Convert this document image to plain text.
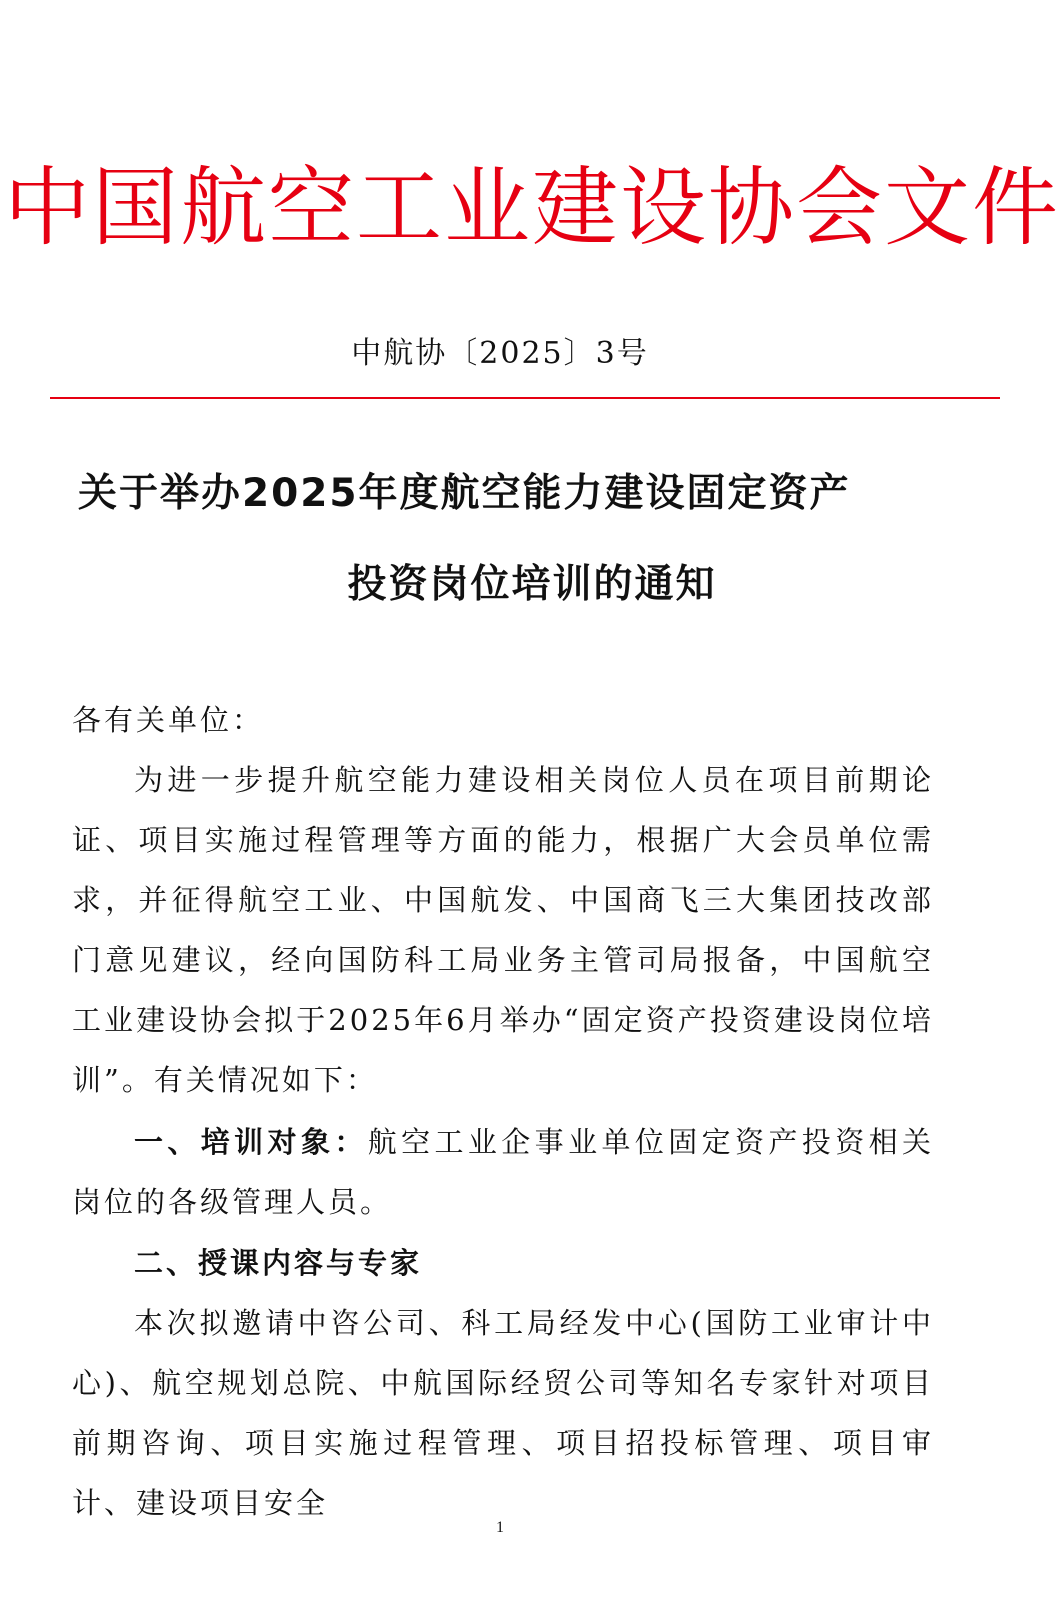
中国航空工业建设协会文件
中航协〔2025〕3号
关于举办2025年度航空能力建设固定资产
投资岗位培训的通知
各有关单位：
为进一步提升航空能力建设相关岗位人员在项目前期论证、项目实施过程管理等方面的能力，根据广大会员单位需求，并征得航空工业、中国航发、中国商飞三大集团技改部门意见建议，经向国防科工局业务主管司局报备，中国航空工业建设协会拟于2025年6月举办“固定资产投资建设岗位培训”。有关情况如下：
一、培训对象：航空工业企事业单位固定资产投资相关岗位的各级管理人员。
二、授课内容与专家
本次拟邀请中咨公司、科工局经发中心(国防工业审计中心)、航空规划总院、中航国际经贸公司等知名专家针对项目前期咨询、项目实施过程管理、项目招投标管理、项目审计、建设项目安全
1
